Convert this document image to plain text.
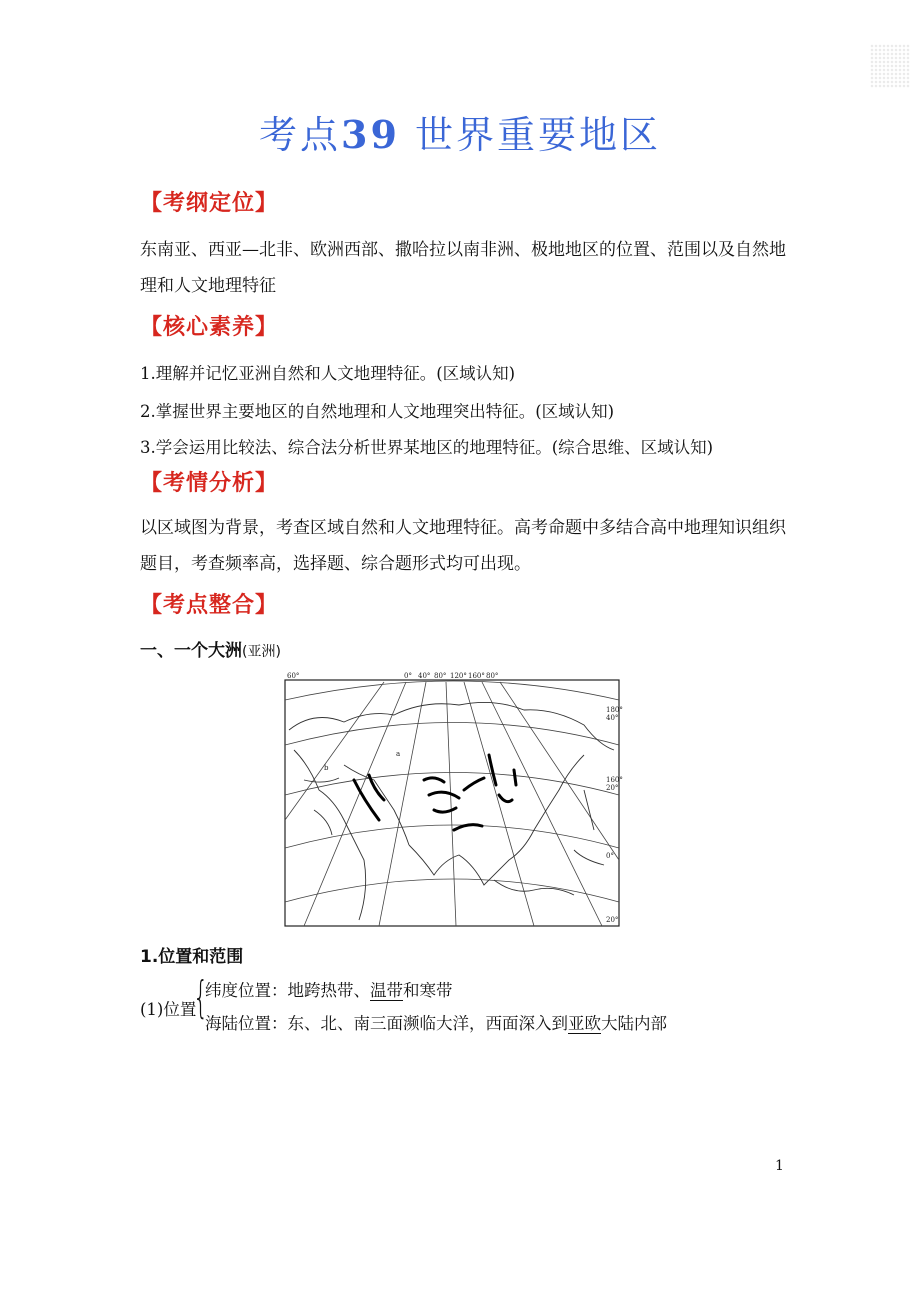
考点39 世界重要地区
【考纲定位】
东南亚、西亚—北非、欧洲西部、撒哈拉以南非洲、极地地区的位置、范围以及自然地理和人文地理特征
【核心素养】
1.理解并记忆亚洲自然和人文地理特征。(区域认知)
2.掌握世界主要地区的自然地理和人文地理突出特征。(区域认知)
3.学会运用比较法、综合法分析世界某地区的地理特征。(综合思维、区域认知)
【考情分析】
以区域图为背景，考查区域自然和人文地理特征。高考命题中多结合高中地理知识组织题目，考查频率高，选择题、综合题形式均可出现。
【考点整合】
一、一个大洲(亚洲)
60°	0° 40° 80° 120° 160° 80°
180°
40°
160°
20°
0°
20°
a
b
1.位置和范围
(1)位置
{
纬度位置：地跨热带、温带和寒带
海陆位置：东、北、南三面濒临大洋，西面深入到亚欧大陆内部
1
